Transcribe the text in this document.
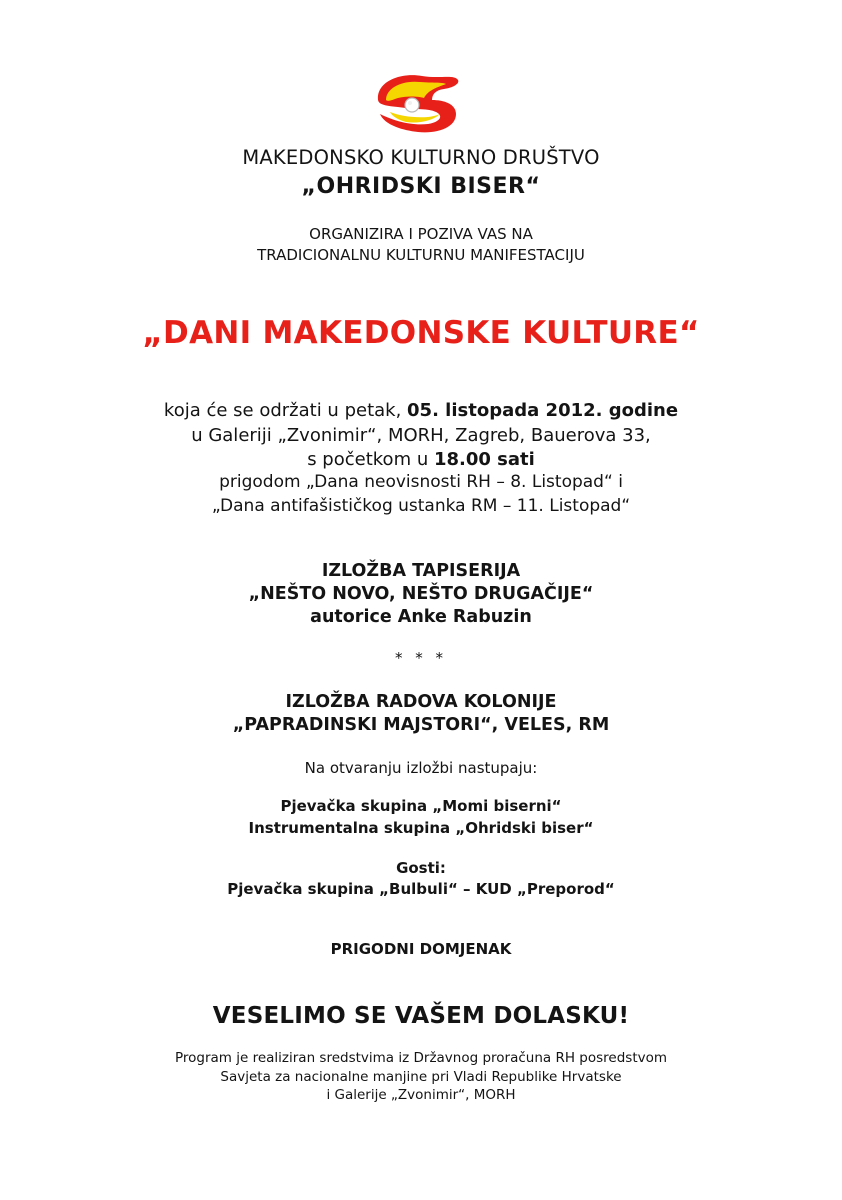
MAKEDONSKO KULTURNO DRUŠTVO
„OHRIDSKI BISER“
ORGANIZIRA I POZIVA VAS NA
TRADICIONALNU KULTURNU MANIFESTACIJU
„DANI MAKEDONSKE KULTURE“
koja će se održati u petak, 05. listopada 2012. godine
u Galeriji „Zvonimir“, MORH, Zagreb, Bauerova 33,
s početkom u 18.00 sati
prigodom „Dana neovisnosti RH – 8. Listopad“ i
„Dana antifašističkog ustanka RM – 11. Listopad“
IZLOŽBA TAPISERIJA
„NEŠTO NOVO, NEŠTO DRUGAČIJE“
autorice Anke Rabuzin
* * *
IZLOŽBA RADOVA KOLONIJE
„PAPRADINSKI MAJSTORI“, VELES, RM
Na otvaranju izložbi nastupaju:
Pjevačka skupina „Momi biserni“
Instrumentalna skupina „Ohridski biser“
Gosti:
Pjevačka skupina „Bulbuli“ – KUD „Preporod“
PRIGODNI DOMJENAK
VESELIMO SE VAŠEM DOLASKU!
Program je realiziran sredstvima iz Državnog proračuna RH posredstvom
Savjeta za nacionalne manjine pri Vladi Republike Hrvatske
i Galerije „Zvonimir“, MORH
